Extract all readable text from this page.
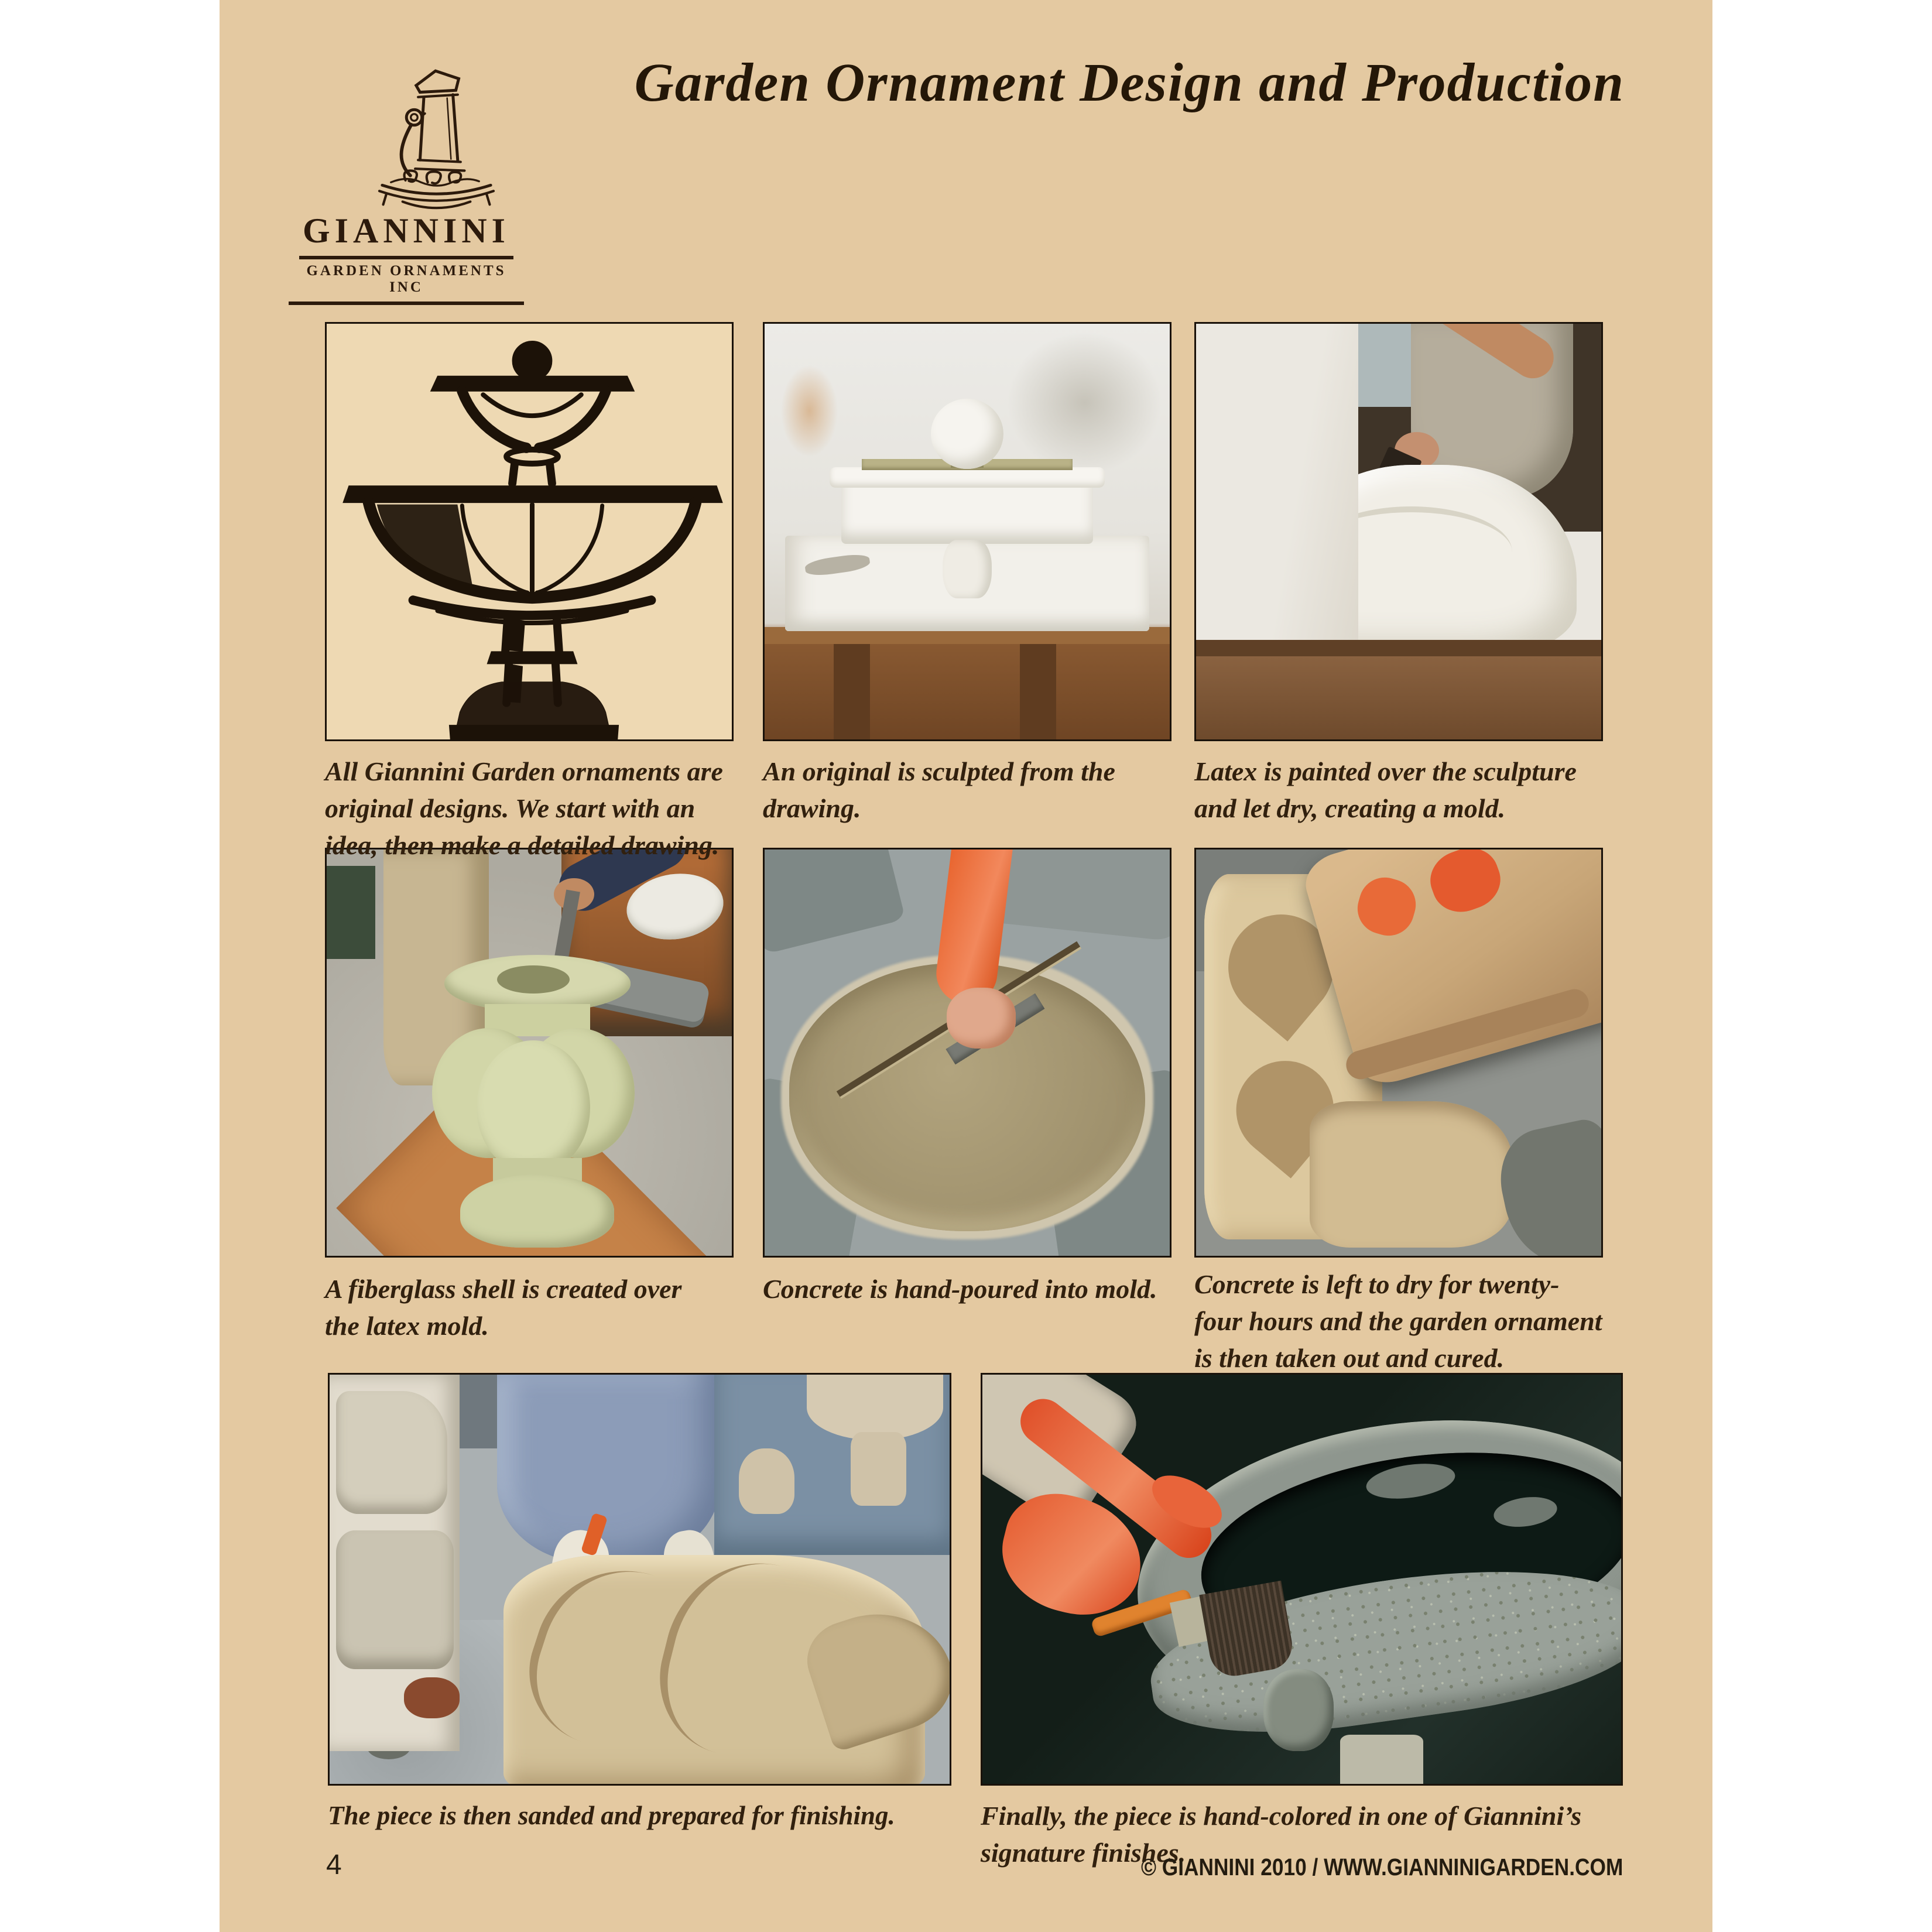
Garden Ornament Design and Production
GIANNINI
GARDEN ORNAMENTS INC
All Giannini Garden ornaments are original designs. We start with an idea, then make a detailed drawing.
An original is sculpted from the drawing.
Latex is painted over the sculpture and let dry, creating a mold.
A fiberglass shell is created over the latex mold.
Concrete is hand-poured into mold.	Concrete is left to dry for twenty-four hours and the garden ornament is then taken out and cured.
The piece is then sanded and prepared for finishing.	Finally, the piece is hand-colored in one of Giannini’s signature finishes.
4	© GIANNINI 2010 / WWW.GIANNINIGARDEN.COM
